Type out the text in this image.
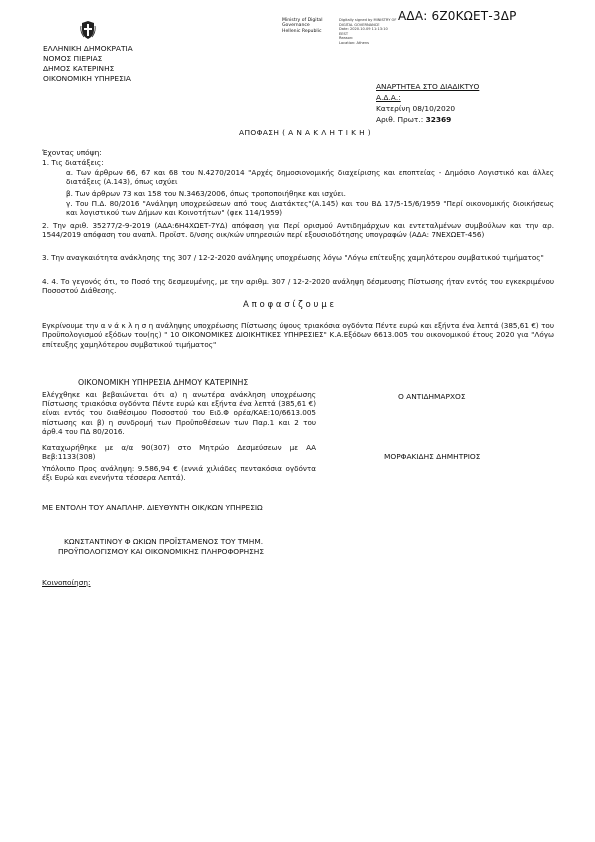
ΑΔΑ: 6Ζ0ΚΩΕΤ-3ΔΡ
Ministry of Digital
Governance
Hellenic Republic
Digitally signed by MINISTRY OF
DIGITAL GOVERNANCE
Date: 2020.10.09 11:13:10
EEST
Reason:
Location: Athens
ΕΛΛΗΝΙΚΗ ΔΗΜΟΚΡΑΤΙΑ
ΝΟΜΟΣ ΠΙΕΡΙΑΣ
ΔΗΜΟΣ ΚΑΤΕΡΙΝΗΣ
ΟΙΚΟΝΟΜΙΚΗ ΥΠΗΡΕΣΙΑ
ΑΝΑΡΤΗΤΕΑ ΣΤΟ ΔΙΑΔΙΚΤΥΟ
Α.Δ.Α.:
Κατερίνη 08/10/2020
Αριθ. Πρωτ.: 32369
ΑΠΟΦΑΣΗ ( Α Ν Α Κ Λ Η Τ Ι Κ Η )
Έχοντας υπόψη:
1. Τις διατάξεις:
α. Των άρθρων 66, 67 και 68 του Ν.4270/2014 "Αρχές δημοσιονομικής διαχείρισης και εποπτείας - Δημόσιο Λογιστικό και άλλες διατάξεις (Α.143), όπως ισχύει
β. Των άρθρων 73 και 158 του Ν.3463/2006, όπως τροποποιήθηκε και ισχύει.
γ. Του Π.Δ. 80/2016 "Ανάληψη υποχρεώσεων από τους Διατάκτες"(Α.145) και του ΒΔ 17/5-15/6/1959 "Περί οικονομικής διοικήσεως και λογιστικού των Δήμων και Κοινοτήτων" (φεκ 114/1959)
2. Την αριθ. 35277/2-9-2019 (ΑΔΑ:6Η4ΧΩΕΤ-7ΥΔ) απόφαση για Περί ορισμού Αντιδημάρχων και εντεταλμένων συμβούλων και την αρ. 1544/2019 απόφαση του αναπλ. Προϊστ. δ/νσης οικ/κών υπηρεσιών περί εξουσιοδότησης υπογραφών (ΑΔΑ: 7ΝΕΧΩΕΤ-456)
3. Την αναγκαιότητα ανάκλησης της 307 / 12-2-2020 ανάληψης υποχρέωσης λόγω "Λόγω επίτευξης χαμηλότερου συμβατικού τιμήματος"
4. 4. Το γεγονός ότι, το Ποσό της δεσμευμένης, με την αριθμ. 307 / 12-2-2020 ανάληψη δέσμευσης Πίστωσης ήταν εντός του εγκεκριμένου Ποσοστού Διάθεσης.
Α π ο φ α σ ί ζ ο υ μ ε
Εγκρίνουμε την α ν ά κ λ η σ η ανάληψης υποχρέωσης Πίστωσης ύψους τριακόσια ογδόντα Πέντε ευρώ και εξήντα ένα λεπτά (385,61 €) του Προϋπολογισμού εξόδων του(ης) " 10 ΟΙΚΟΝΟΜΙΚΕΣ ΔΙΟΙΚΗΤΙΚΕΣ ΥΠΗΡΕΣΙΕΣ" Κ.Α.Εξόδων 6613.005 του οικονομικού έτους 2020 για "Λόγω επίτευξης χαμηλότερου συμβατικού τιμήματος"
ΟΙΚΟΝΟΜΙΚΗ ΥΠΗΡΕΣΙΑ ΔΗΜΟΥ ΚΑΤΕΡΙΝΗΣ
Ελέγχθηκε και βεβαιώνεται ότι α) η ανωτέρα ανάκληση υποχρέωσης Πίστωσης τριακόσια ογδόντα Πέντε ευρώ και εξήντα ένα λεπτά (385,61 €) είναι εντός του διαθέσιμου Ποσοστού του Ειδ.Φ ορέα/ΚΑΕ:10/6613.005 πίστωσης και β) η συνδρομή των Προϋποθέσεων των Παρ.1 και 2 του άρθ.4 του ΠΔ 80/2016.
Καταχωρήθηκε με α/α 90(307) στο Μητρώο Δεσμεύσεων με ΑΑ Βεβ:1133(308)
Υπόλοιπο Προς ανάληψη: 9.586,94 € (εννιά χιλιάδες πεντακόσια ογδόντα έξι Ευρώ και ενενήντα τέσσερα Λεπτά).
Ο ΑΝΤΙΔΗΜΑΡΧΟΣ
ΜΟΡΦΑΚΙΔΗΣ ΔΗΜΗΤΡΙΟΣ
ΜΕ ΕΝΤΟΛΗ ΤΟΥ ΑΝΑΠΛΗΡ. ΔΙΕΥΘΥΝΤΗ ΟΙΚ/ΚΩΝ ΥΠΗΡΕΣΙΩ
ΚΩΝΣΤΑΝΤΙΝΟΥ Φ ΩΚΙΩΝ ΠΡΟΪΣΤΑΜΕΝΟΣ ΤΟΥ ΤΜΗΜ.
ΠΡΟΫΠΟΛΟΓΙΣΜΟΥ ΚΑΙ ΟΙΚΟΝΟΜΙΚΗΣ ΠΛΗΡΟΦΟΡΗΣΗΣ
Κοινοποίηση:
